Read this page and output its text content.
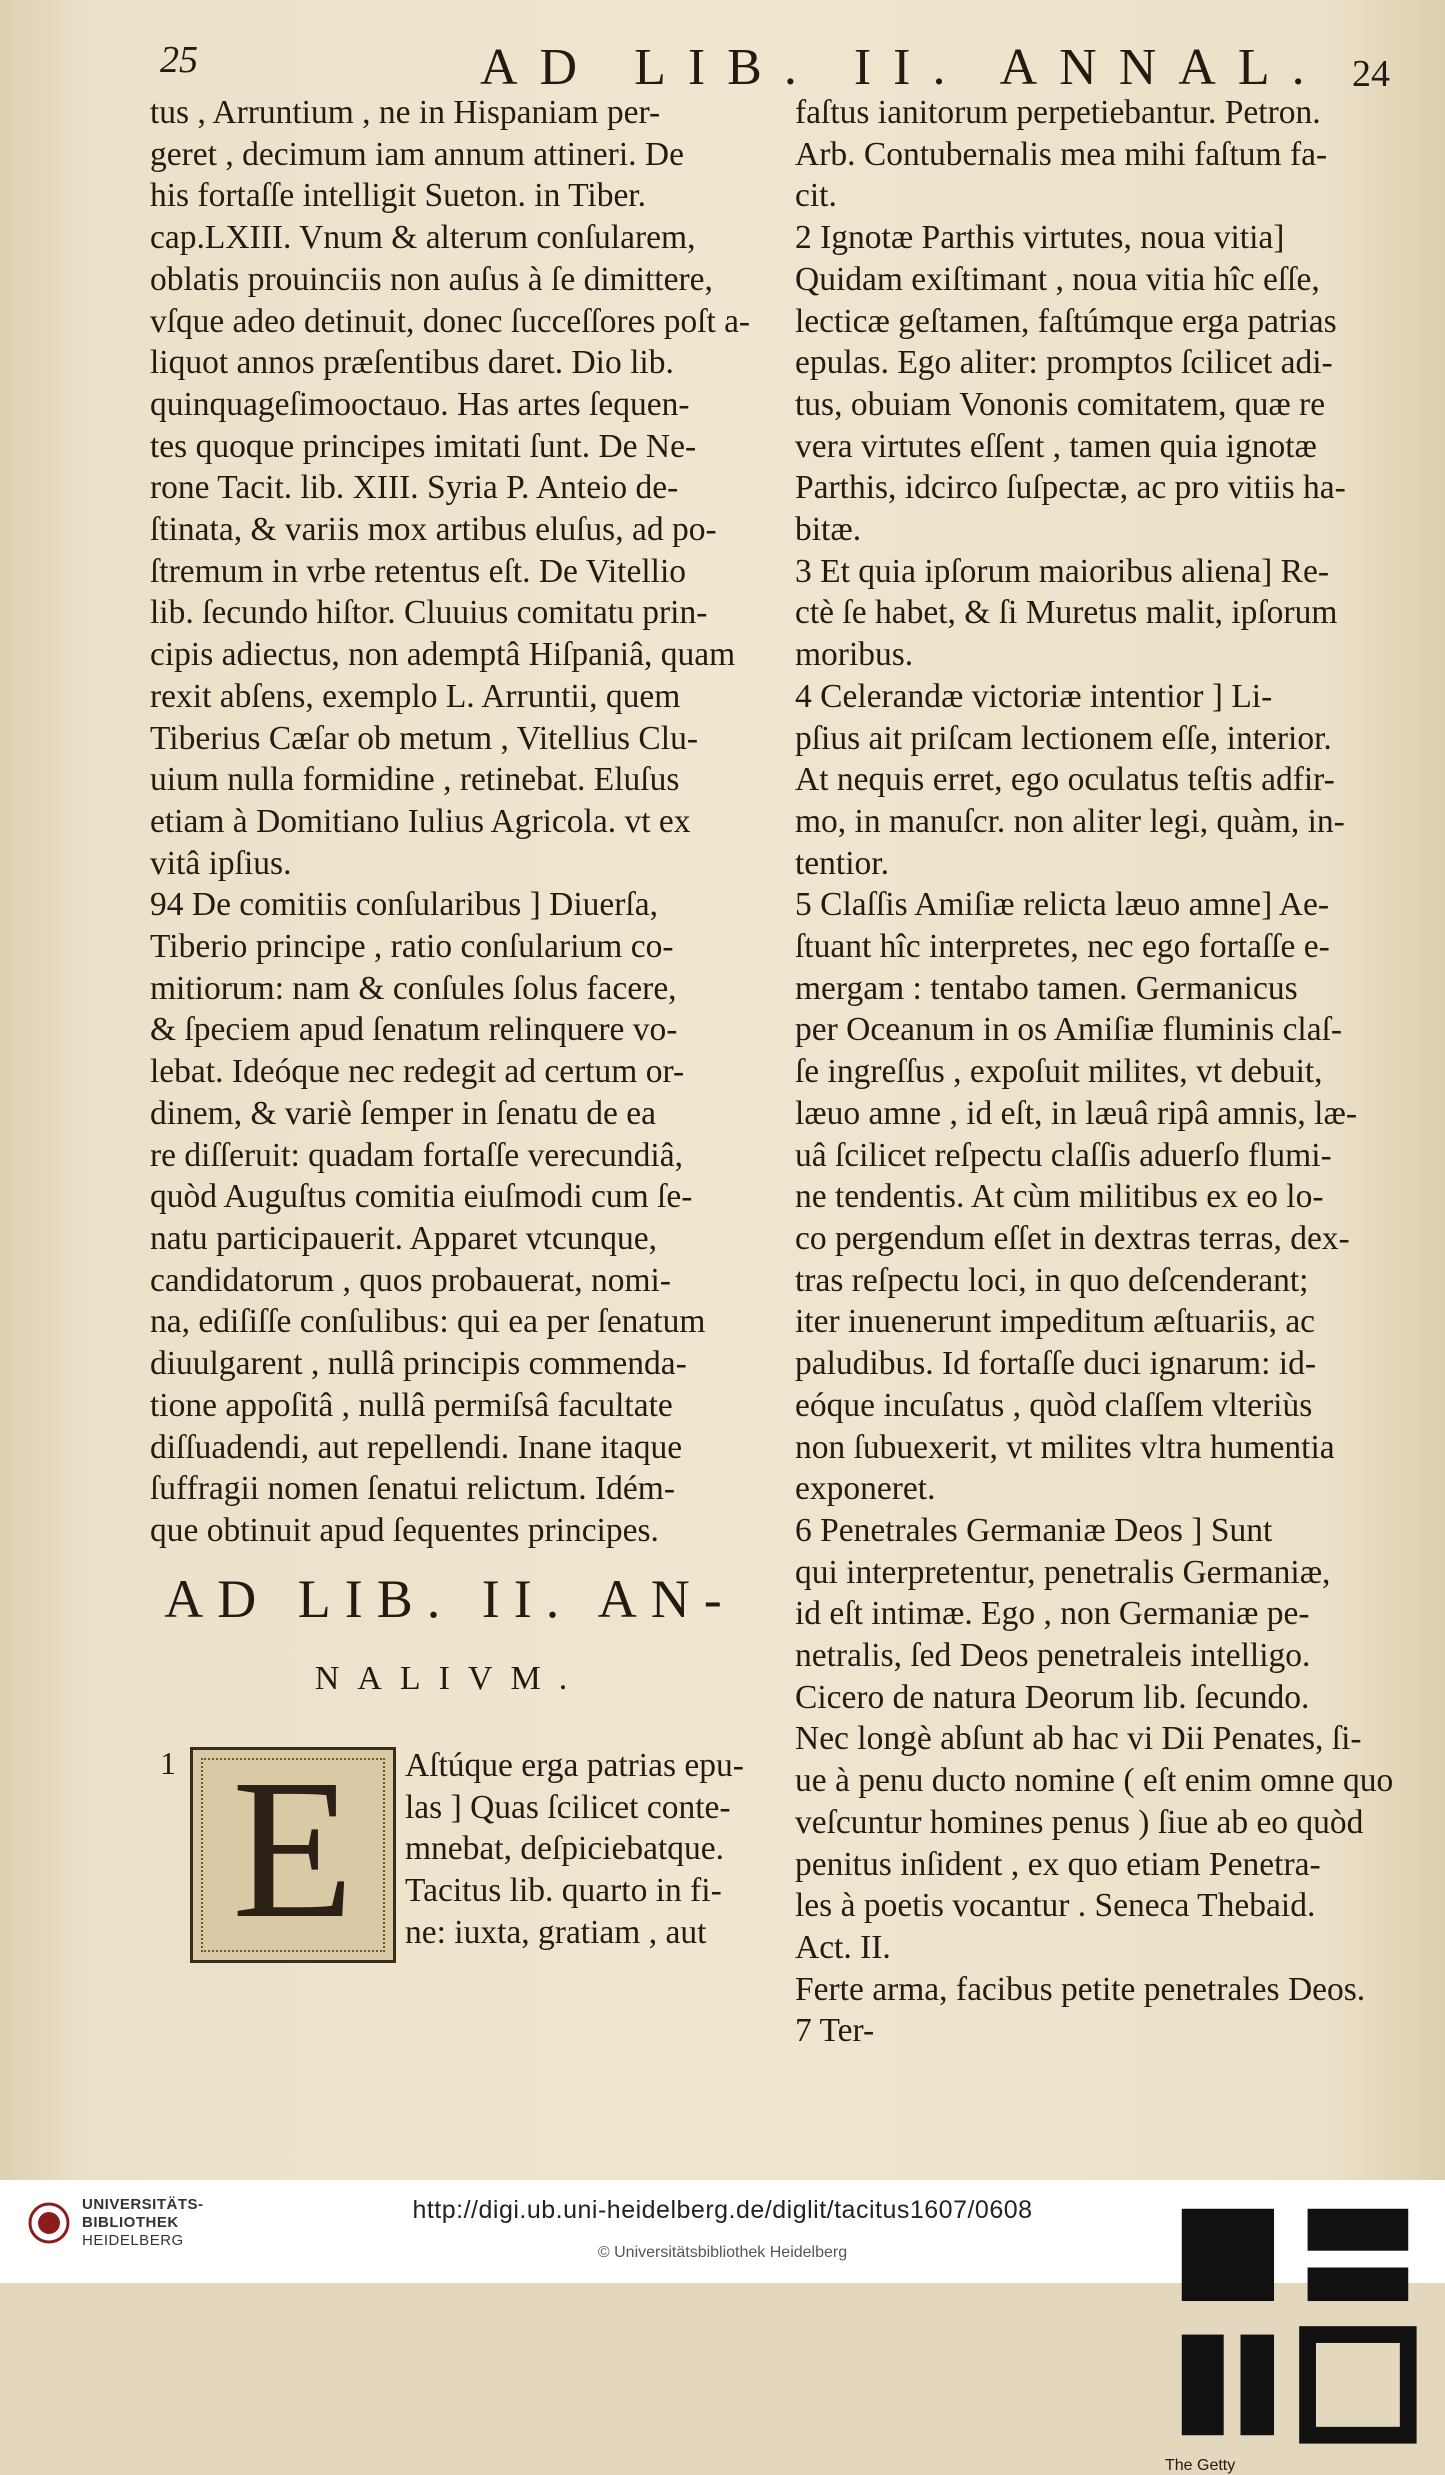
25	AD LIB. II. ANNAL. 24
tus , Arruntium , ne in Hispaniam per-
geret , decimum iam annum attineri. De
his fortaſſe intelligit Sueton. in Tiber.
cap.LXIII. Vnum & alterum conſularem,
oblatis prouinciis non auſus à ſe dimittere,
vſque adeo detinuit, donec ſucceſſores poſt a-
liquot annos præſentibus daret. Dio lib.
quinquageſimooctauo. Has artes ſequen-
tes quoque principes imitati ſunt. De Ne-
rone Tacit. lib. XIII. Syria P. Anteio de-
ſtinata, & variis mox artibus eluſus, ad po-
ſtremum in vrbe retentus eſt. De Vitellio
lib. ſecundo hiſtor. Cluuius comitatu prin-
cipis adiectus, non ademptâ Hiſpaniâ, quam
rexit abſens, exemplo L. Arruntii, quem
Tiberius Cæſar ob metum , Vitellius Clu-
uium nulla formidine , retinebat. Eluſus
etiam à Domitiano Iulius Agricola. vt ex
vitâ ipſius.
94 De comitiis conſularibus ] Diuerſa,
Tiberio principe , ratio conſularium co-
mitiorum: nam & conſules ſolus facere,
& ſpeciem apud ſenatum relinquere vo-
lebat. Ideóque nec redegit ad certum or-
dinem, & variè ſemper in ſenatu de ea
re diſſeruit: quadam fortaſſe verecundiâ,
quòd Auguſtus comitia eiuſmodi cum ſe-
natu participauerit. Apparet vtcunque,
candidatorum , quos probauerat, nomi-
na, ediſiſſe conſulibus: qui ea per ſenatum
diuulgarent , nullâ principis commenda-
tione appoſitâ , nullâ permiſsâ facultate
diſſuadendi, aut repellendi. Inane itaque
ſuffragii nomen ſenatui relictum. Idém-
que obtinuit apud ſequentes principes.
AD LIB. II. AN-
NALIVM.
1 E	Aſtúque erga patrias epu-
las ] Quas ſcilicet conte-
mnebat, deſpiciebatque.
Tacitus lib. quarto in fi-
ne: iuxta, gratiam , aut
faſtus ianitorum perpetiebantur. Petron.
Arb. Contubernalis mea mihi faſtum fa-
cit.
2 Ignotæ Parthis virtutes, noua vitia]
Quidam exiſtimant , noua vitia hîc eſſe,
lecticæ geſtamen, faſtúmque erga patrias
epulas. Ego aliter: promptos ſcilicet adi-
tus, obuiam Vononis comitatem, quæ re
vera virtutes eſſent , tamen quia ignotæ
Parthis, idcirco ſuſpectæ, ac pro vitiis ha-
bitæ.
3 Et quia ipſorum maioribus aliena] Re-
ctè ſe habet, & ſi Muretus malit, ipſorum
moribus.
4 Celerandæ victoriæ intentior ] Li-
pſius ait priſcam lectionem eſſe, interior.
At nequis erret, ego oculatus teſtis adfir-
mo, in manuſcr. non aliter legi, quàm, in-
tentior.
5 Claſſis Amiſiæ relicta læuo amne] Ae-
ſtuant hîc interpretes, nec ego fortaſſe e-
mergam : tentabo tamen. Germanicus
per Oceanum in os Amiſiæ fluminis claſ-
ſe ingreſſus , expoſuit milites, vt debuit,
læuo amne , id eſt, in læuâ ripâ amnis, læ-
uâ ſcilicet reſpectu claſſis aduerſo flumi-
ne tendentis. At cùm militibus ex eo lo-
co pergendum eſſet in dextras terras, dex-
tras reſpectu loci, in quo deſcenderant;
iter inuenerunt impeditum æſtuariis, ac
paludibus. Id fortaſſe duci ignarum: id-
eóque incuſatus , quòd claſſem vlteriùs
non ſubuexerit, vt milites vltra humentia
exponeret.
6 Penetrales Germaniæ Deos ] Sunt
qui interpretentur, penetralis Germaniæ,
id eſt intimæ. Ego , non Germaniæ pe-
netralis, ſed Deos penetraleis intelligo.
Cicero de natura Deorum lib. ſecundo.
Nec longè abſunt ab hac vi Dii Penates, ſi-
ue à penu ducto nomine ( eſt enim omne quo
veſcuntur homines penus ) ſiue ab eo quòd
penitus inſident , ex quo etiam Penetra-
les à poetis vocantur . Seneca Thebaid.
Act. II.
Ferte arma, facibus petite penetrales Deos.
7 Ter-
UNIVERSITÄTS-
BIBLIOTHEK
HEIDELBERG
http://digi.ub.uni-heidelberg.de/diglit/tacitus1607/0608
© Universitätsbibliothek Heidelberg
The Getty
